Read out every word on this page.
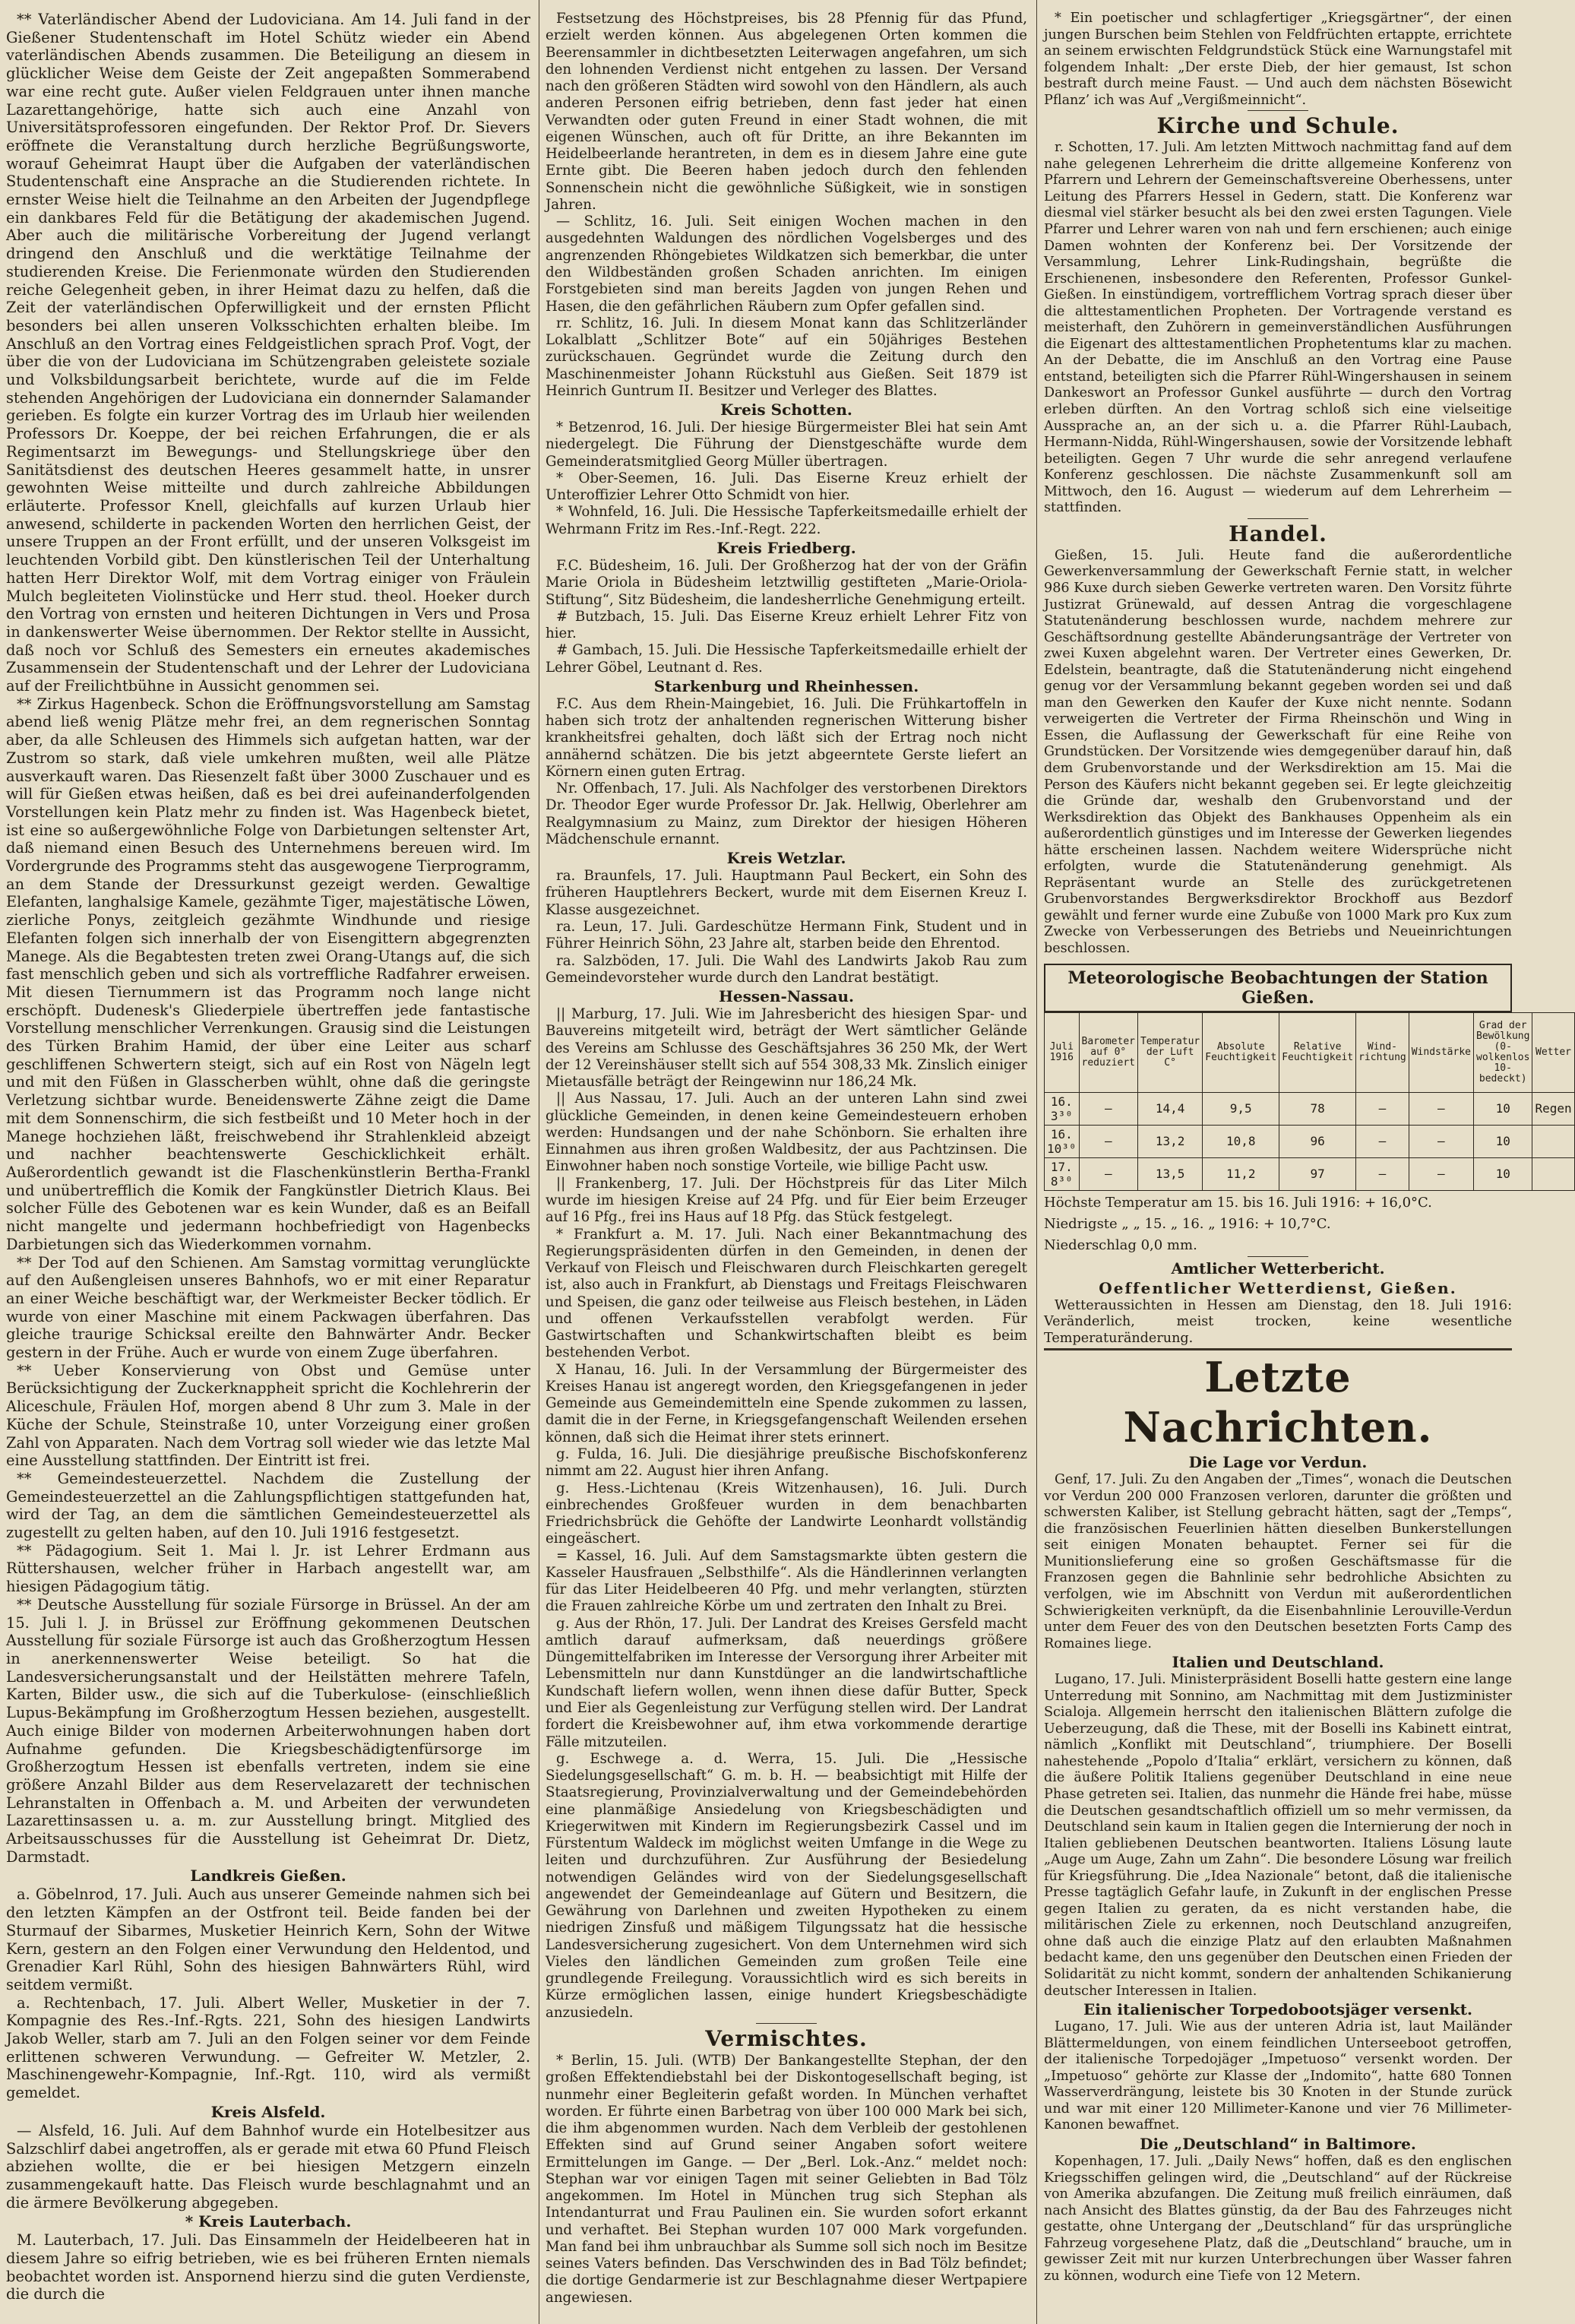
** Vaterländischer Abend der Ludoviciana. Am 14. Juli fand in der Gießener Studentenschaft im Hotel Schütz wieder ein Abend vaterländischen Abends zusammen. Die Beteiligung an diesem in glücklicher Weise dem Geiste der Zeit angepaßten Sommerabend war eine recht gute. Außer vielen Feldgrauen unter ihnen manche Lazarettangehörige, hatte sich auch eine Anzahl von Universitätsprofessoren eingefunden. Der Rektor Prof. Dr. Sievers eröffnete die Veranstaltung durch herzliche Begrüßungsworte, worauf Geheimrat Haupt über die Aufgaben der vaterländischen Studentenschaft eine Ansprache an die Studierenden richtete. In ernster Weise hielt die Teilnahme an den Arbeiten der Jugendpflege ein dankbares Feld für die Betätigung der akademischen Jugend. Aber auch die militärische Vorbereitung der Jugend verlangt dringend den Anschluß und die werktätige Teilnahme der studierenden Kreise. Die Ferienmonate würden den Studierenden reiche Gelegenheit geben, in ihrer Heimat dazu zu helfen, daß die Zeit der vaterländischen Opferwilligkeit und der ernsten Pflicht besonders bei allen unseren Volksschichten erhalten bleibe. Im Anschluß an den Vortrag eines Feldgeistlichen sprach Prof. Vogt, der über die von der Ludoviciana im Schützengraben geleistete soziale und Volksbildungsarbeit berichtete, wurde auf die im Felde stehenden Angehörigen der Ludoviciana ein donnernder Salamander gerieben. Es folgte ein kurzer Vortrag des im Urlaub hier weilenden Professors Dr. Koeppe, der bei reichen Erfahrungen, die er als Regimentsarzt im Bewegungs- und Stellungskriege über den Sanitätsdienst des deutschen Heeres gesammelt hatte, in unsrer gewohnten Weise mitteilte und durch zahlreiche Abbildungen erläuterte. Professor Knell, gleichfalls auf kurzen Urlaub hier anwesend, schilderte in packenden Worten den herrlichen Geist, der unsere Truppen an der Front erfüllt, und der unseren Volksgeist im leuchtenden Vorbild gibt. Den künstlerischen Teil der Unterhaltung hatten Herr Direktor Wolf, mit dem Vortrag einiger von Fräulein Mulch begleiteten Violinstücke und Herr stud. theol. Hoeker durch den Vortrag von ernsten und heiteren Dichtungen in Vers und Prosa in dankenswerter Weise übernommen. Der Rektor stellte in Aussicht, daß noch vor Schluß des Semesters ein erneutes akademisches Zusammensein der Studentenschaft und der Lehrer der Ludoviciana auf der Freilichtbühne in Aussicht genommen sei.

** Zirkus Hagenbeck. Schon die Eröffnungsvorstellung am Samstag abend ließ wenig Plätze mehr frei, an dem regnerischen Sonntag aber, da alle Schleusen des Himmels sich aufgetan hatten, war der Zustrom so stark, daß viele umkehren mußten, weil alle Plätze ausverkauft waren. Das Riesenzelt faßt über 3000 Zuschauer und es will für Gießen etwas heißen, daß es bei drei aufeinanderfolgenden Vorstellungen kein Platz mehr zu finden ist. Was Hagenbeck bietet, ist eine so außergewöhnliche Folge von Darbietungen seltenster Art, daß niemand einen Besuch des Unternehmens bereuen wird. Im Vordergrunde des Programms steht das ausgewogene Tierprogramm, an dem Stande der Dressurkunst gezeigt werden. Gewaltige Elefanten, langhalsige Kamele, gezähmte Tiger, majestätische Löwen, zierliche Ponys, zeitgleich gezähmte Windhunde und riesige Elefanten folgen sich innerhalb der von Eisengittern abgegrenzten Manege. Als die Begabtesten treten zwei Orang-Utangs auf, die sich fast menschlich geben und sich als vortreffliche Radfahrer erweisen. Mit diesen Tiernummern ist das Programm noch lange nicht erschöpft. Dudenesk's Gliederpiele übertreffen jede fantastische Vorstellung menschlicher Verrenkungen. Grausig sind die Leistungen des Türken Brahim Hamid, der über eine Leiter aus scharf geschliffenen Schwertern steigt, sich auf ein Rost von Nägeln legt und mit den Füßen in Glasscherben wühlt, ohne daß die geringste Verletzung sichtbar wurde. Beneidenswerte Zähne zeigt die Dame mit dem Sonnenschirm, die sich festbeißt und 10 Meter hoch in der Manege hochziehen läßt, freischwebend ihr Strahlenkleid abzeigt und nachher beachtenswerte Geschicklichkeit erhält. Außerordentlich gewandt ist die Flaschenkünstlerin Bertha-Frankl und unübertrefflich die Komik der Fangkünstler Dietrich Klaus. Bei solcher Fülle des Gebotenen war es kein Wunder, daß es an Beifall nicht mangelte und jedermann hochbefriedigt von Hagenbecks Darbietungen sich das Wiederkommen vornahm.

** Der Tod auf den Schienen. Am Samstag vormittag verunglückte auf den Außengleisen unseres Bahnhofs, wo er mit einer Reparatur an einer Weiche beschäftigt war, der Werkmeister Becker tödlich. Er wurde von einer Maschine mit einem Packwagen überfahren. Das gleiche traurige Schicksal ereilte den Bahnwärter Andr. Becker gestern in der Frühe. Auch er wurde von einem Zuge überfahren.

** Ueber Konservierung von Obst und Gemüse unter Berücksichtigung der Zuckerknappheit spricht die Kochlehrerin der Aliceschule, Fräulen Hof, morgen abend 8 Uhr zum 3. Male in der Küche der Schule, Steinstraße 10, unter Vorzeigung einer großen Zahl von Apparaten. Nach dem Vortrag soll wieder wie das letzte Mal eine Ausstellung stattfinden. Der Eintritt ist frei.

** Gemeindesteuerzettel. Nachdem die Zustellung der Gemeindesteuerzettel an die Zahlungspflichtigen stattgefunden hat, wird der Tag, an dem die sämtlichen Gemeindesteuerzettel als zugestellt zu gelten haben, auf den 10. Juli 1916 festgesetzt.

** Pädagogium. Seit 1. Mai l. Jr. ist Lehrer Erdmann aus Rüttershausen, welcher früher in Harbach angestellt war, am hiesigen Pädagogium tätig.

** Deutsche Ausstellung für soziale Fürsorge in Brüssel. An der am 15. Juli l. J. in Brüssel zur Eröffnung gekommenen Deutschen Ausstellung für soziale Fürsorge ist auch das Großherzogtum Hessen in anerkennenswerter Weise beteiligt. So hat die Landesversicherungsanstalt und der Heilstätten mehrere Tafeln, Karten, Bilder usw., die sich auf die Tuberkulose- (einschließlich Lupus-Bekämpfung im Großherzogtum Hessen beziehen, ausgestellt. Auch einige Bilder von modernen Arbeiterwohnungen haben dort Aufnahme gefunden. Die Kriegsbeschädigtenfürsorge im Großherzogtum Hessen ist ebenfalls vertreten, indem sie eine größere Anzahl Bilder aus dem Reservelazarett der technischen Lehranstalten in Offenbach a. M. und Arbeiten der verwundeten Lazarettinsassen u. a. m. zur Ausstellung bringt. Mitglied des Arbeitsausschusses für die Ausstellung ist Geheimrat Dr. Dietz, Darmstadt.

Landkreis Gießen.

a. Göbelnrod, 17. Juli. Auch aus unserer Gemeinde nahmen sich bei den letzten Kämpfen an der Ostfront teil. Beide fanden bei der Sturmauf der Sibarmes, Musketier Heinrich Kern, Sohn der Witwe Kern, gestern an den Folgen einer Verwundung den Heldentod, und Grenadier Karl Rühl, Sohn des hiesigen Bahnwärters Rühl, wird seitdem vermißt.

a. Rechtenbach, 17. Juli. Albert Weller, Musketier in der 7. Kompagnie des Res.-Inf.-Rgts. 221, Sohn des hiesigen Landwirts Jakob Weller, starb am 7. Juli an den Folgen seiner vor dem Feinde erlittenen schweren Verwundung. — Gefreiter W. Metzler, 2. Maschinengewehr-Kompagnie, Inf.-Rgt. 110, wird als vermißt gemeldet.

Kreis Alsfeld.

— Alsfeld, 16. Juli. Auf dem Bahnhof wurde ein Hotelbesitzer aus Salzschlirf dabei angetroffen, als er gerade mit etwa 60 Pfund Fleisch abziehen wollte, die er bei hiesigen Metzgern einzeln zusammengekauft hatte. Das Fleisch wurde beschlagnahmt und an die ärmere Bevölkerung abgegeben.

* Kreis Lauterbach.

M. Lauterbach, 17. Juli. Das Einsammeln der Heidelbeeren hat in diesem Jahre so eifrig betrieben, wie es bei früheren Ernten niemals beobachtet worden ist. Anspornend hierzu sind die guten Verdienste, die durch die

Festsetzung des Höchstpreises, bis 28 Pfennig für das Pfund, erzielt werden können. Aus abgelegenen Orten kommen die Beerensammler in dichtbesetzten Leiterwagen angefahren, um sich den lohnenden Verdienst nicht entgehen zu lassen. Der Versand nach den größeren Städten wird sowohl von den Händlern, als auch anderen Personen eifrig betrieben, denn fast jeder hat einen Verwandten oder guten Freund in einer Stadt wohnen, die mit eigenen Wünschen, auch oft für Dritte, an ihre Bekannten im Heidelbeerlande herantreten, in dem es in diesem Jahre eine gute Ernte gibt. Die Beeren haben jedoch durch den fehlenden Sonnenschein nicht die gewöhnliche Süßigkeit, wie in sonstigen Jahren.

— Schlitz, 16. Juli. Seit einigen Wochen machen in den ausgedehnten Waldungen des nördlichen Vogelsberges und des angrenzenden Rhöngebietes Wildkatzen sich bemerkbar, die unter den Wildbeständen großen Schaden anrichten. Im einigen Forstgebieten sind man bereits Jagden von jungen Rehen und Hasen, die den gefährlichen Räubern zum Opfer gefallen sind.

rr. Schlitz, 16. Juli. In diesem Monat kann das Schlitzerländer Lokalblatt „Schlitzer Bote“ auf ein 50jähriges Bestehen zurückschauen. Gegründet wurde die Zeitung durch den Maschinenmeister Johann Rückstuhl aus Gießen. Seit 1879 ist Heinrich Guntrum II. Besitzer und Verleger des Blattes.

Kreis Schotten.

* Betzenrod, 16. Juli. Der hiesige Bürgermeister Blei hat sein Amt niedergelegt. Die Führung der Dienstgeschäfte wurde dem Gemeinderatsmitglied Georg Müller übertragen.

* Ober-Seemen, 16. Juli. Das Eiserne Kreuz erhielt der Unteroffizier Lehrer Otto Schmidt von hier.

* Wohnfeld, 16. Juli. Die Hessische Tapferkeitsmedaille erhielt der Wehrmann Fritz im Res.-Inf.-Regt. 222.

Kreis Friedberg.

F.C. Büdesheim, 16. Juli. Der Großherzog hat der von der Gräfin Marie Oriola in Büdesheim letztwillig gestifteten „Marie-Oriola-Stiftung“, Sitz Büdesheim, die landesherrliche Genehmigung erteilt.

# Butzbach, 15. Juli. Das Eiserne Kreuz erhielt Lehrer Fitz von hier.

# Gambach, 15. Juli. Die Hessische Tapferkeitsmedaille erhielt der Lehrer Göbel, Leutnant d. Res.

Starkenburg und Rheinhessen.

F.C. Aus dem Rhein-Maingebiet, 16. Juli. Die Frühkartoffeln in haben sich trotz der anhaltenden regnerischen Witterung bisher krankheitsfrei gehalten, doch läßt sich der Ertrag noch nicht annähernd schätzen. Die bis jetzt abgeerntete Gerste liefert an Körnern einen guten Ertrag.

Nr. Offenbach, 17. Juli. Als Nachfolger des verstorbenen Direktors Dr. Theodor Eger wurde Professor Dr. Jak. Hellwig, Oberlehrer am Realgymnasium zu Mainz, zum Direktor der hiesigen Höheren Mädchenschule ernannt.

Kreis Wetzlar.

ra. Braunfels, 17. Juli. Hauptmann Paul Beckert, ein Sohn des früheren Hauptlehrers Beckert, wurde mit dem Eisernen Kreuz I. Klasse ausgezeichnet.

ra. Leun, 17. Juli. Gardeschütze Hermann Fink, Student und in Führer Heinrich Söhn, 23 Jahre alt, starben beide den Ehrentod.

ra. Salzböden, 17. Juli. Die Wahl des Landwirts Jakob Rau zum Gemeindevorsteher wurde durch den Landrat bestätigt.

Hessen-Nassau.

|| Marburg, 17. Juli. Wie im Jahresbericht des hiesigen Spar- und Bauvereins mitgeteilt wird, beträgt der Wert sämtlicher Gelände des Vereins am Schlusse des Geschäftsjahres 36 250 Mk, der Wert der 12 Vereinshäuser stellt sich auf 554 308,33 Mk. Zinslich einiger Mietausfälle beträgt der Reingewinn nur 186,24 Mk.

|| Aus Nassau, 17. Juli. Auch an der unteren Lahn sind zwei glückliche Gemeinden, in denen keine Gemeindesteuern erhoben werden: Hundsangen und der nahe Schönborn. Sie erhalten ihre Einnahmen aus ihren großen Waldbesitz, der aus Pachtzinsen. Die Einwohner haben noch sonstige Vorteile, wie billige Pacht usw.

|| Frankenberg, 17. Juli. Der Höchstpreis für das Liter Milch wurde im hiesigen Kreise auf 24 Pfg. und für Eier beim Erzeuger auf 16 Pfg., frei ins Haus auf 18 Pfg. das Stück festgelegt.

* Frankfurt a. M. 17. Juli. Nach einer Bekanntmachung des Regierungspräsidenten dürfen in den Gemeinden, in denen der Verkauf von Fleisch und Fleischwaren durch Fleischkarten geregelt ist, also auch in Frankfurt, ab Dienstags und Freitags Fleischwaren und Speisen, die ganz oder teilweise aus Fleisch bestehen, in Läden und offenen Verkaufsstellen verabfolgt werden. Für Gastwirtschaften und Schankwirtschaften bleibt es beim bestehenden Verbot.

X Hanau, 16. Juli. In der Versammlung der Bürgermeister des Kreises Hanau ist angeregt worden, den Kriegsgefangenen in jeder Gemeinde aus Gemeindemitteln eine Spende zukommen zu lassen, damit die in der Ferne, in Kriegsgefangenschaft Weilenden ersehen können, daß sich die Heimat ihrer stets erinnert.

g. Fulda, 16. Juli. Die diesjährige preußische Bischofskonferenz nimmt am 22. August hier ihren Anfang.

g. Hess.-Lichtenau (Kreis Witzenhausen), 16. Juli. Durch einbrechendes Großfeuer wurden in dem benachbarten Friedrichsbrück die Gehöfte der Landwirte Leonhardt vollständig eingeäschert.

= Kassel, 16. Juli. Auf dem Samstagsmarkte übten gestern die Kasseler Hausfrauen „Selbsthilfe“. Als die Händlerinnen verlangten für das Liter Heidelbeeren 40 Pfg. und mehr verlangten, stürzten die Frauen zahlreiche Körbe um und zertraten den Inhalt zu Brei.

g. Aus der Rhön, 17. Juli. Der Landrat des Kreises Gersfeld macht amtlich darauf aufmerksam, daß neuerdings größere Düngemittelfabriken im Interesse der Versorgung ihrer Arbeiter mit Lebensmitteln nur dann Kunstdünger an die landwirtschaftliche Kundschaft liefern wollen, wenn ihnen diese dafür Butter, Speck und Eier als Gegenleistung zur Verfügung stellen wird. Der Landrat fordert die Kreisbewohner auf, ihm etwa vorkommende derartige Fälle mitzuteilen.

g. Eschwege a. d. Werra, 15. Juli. Die „Hessische Siedelungsgesellschaft“ G. m. b. H. — beabsichtigt mit Hilfe der Staatsregierung, Provinzialverwaltung und der Gemeindebehörden eine planmäßige Ansiedelung von Kriegsbeschädigten und Kriegerwitwen mit Kindern im Regierungsbezirk Cassel und im Fürstentum Waldeck im möglichst weiten Umfange in die Wege zu leiten und durchzuführen. Zur Ausführung der Besiedelung notwendigen Geländes wird von der Siedelungsgesellschaft angewendet der Gemeindeanlage auf Gütern und Besitzern, die Gewährung von Darlehnen und zweiten Hypotheken zu einem niedrigen Zinsfuß und mäßigem Tilgungssatz hat die hessische Landesversicherung zugesichert. Von dem Unternehmen wird sich Vieles den ländlichen Gemeinden zum großen Teile eine grundlegende Freilegung. Voraussichtlich wird es sich bereits in Kürze ermöglichen lassen, einige hundert Kriegsbeschädigte anzusiedeln.

Vermischtes.

* Berlin, 15. Juli. (WTB) Der Bankangestellte Stephan, der den großen Effektendiebstahl bei der Diskontogesellschaft beging, ist nunmehr einer Begleiterin gefaßt worden. In München verhaftet worden. Er führte einen Barbetrag von über 100 000 Mark bei sich, die ihm abgenommen wurden. Nach dem Verbleib der gestohlenen Effekten sind auf Grund seiner Angaben sofort weitere Ermittelungen im Gange. — Der „Berl. Lok.-Anz.“ meldet noch: Stephan war vor einigen Tagen mit seiner Geliebten in Bad Tölz angekommen. Im Hotel in München trug sich Stephan als Intendanturrat und Frau Paulinen ein. Sie wurden sofort erkannt und verhaftet. Bei Stephan wurden 107 000 Mark vorgefunden. Man fand bei ihm unbrauchbar als Summe soll sich noch im Besitze seines Vaters befinden. Das Verschwinden des in Bad Tölz befindet; die dortige Gendarmerie ist zur Beschlagnahme dieser Wertpapiere angewiesen.

* Ein poetischer und schlagfertiger „Kriegsgärtner“, der einen jungen Burschen beim Stehlen von Feldfrüchten ertappte, errichtete an seinem erwischten Feldgrundstück Stück eine Warnungstafel mit folgendem Inhalt: „Der erste Dieb, der hier gemaust, Ist schon bestraft durch meine Faust. — Und auch dem nächsten Bösewicht Pflanz’ ich was Auf „Vergißmeinnicht“.

Kirche und Schule.

r. Schotten, 17. Juli. Am letzten Mittwoch nachmittag fand auf dem nahe gelegenen Lehrerheim die dritte allgemeine Konferenz von Pfarrern und Lehrern der Gemeinschaftsvereine Oberhessens, unter Leitung des Pfarrers Hessel in Gedern, statt. Die Konferenz war diesmal viel stärker besucht als bei den zwei ersten Tagungen. Viele Pfarrer und Lehrer waren von nah und fern erschienen; auch einige Damen wohnten der Konferenz bei. Der Vorsitzende der Versammlung, Lehrer Link-Rudingshain, begrüßte die Erschienenen, insbesondere den Referenten, Professor Gunkel-Gießen. In einstündigem, vortrefflichem Vortrag sprach dieser über die alttestamentlichen Propheten. Der Vortragende verstand es meisterhaft, den Zuhörern in gemeinverständlichen Ausführungen die Eigenart des alttestamentlichen Prophetentums klar zu machen. An der Debatte, die im Anschluß an den Vortrag eine Pause entstand, beteiligten sich die Pfarrer Rühl-Wingershausen in seinem Dankeswort an Professor Gunkel ausführte — durch den Vortrag erleben dürften. An den Vortrag schloß sich eine vielseitige Aussprache an, an der sich u. a. die Pfarrer Rühl-Laubach, Hermann-Nidda, Rühl-Wingershausen, sowie der Vorsitzende lebhaft beteiligten. Gegen 7 Uhr wurde die sehr anregend verlaufene Konferenz geschlossen. Die nächste Zusammenkunft soll am Mittwoch, den 16. August — wiederum auf dem Lehrerheim — stattfinden.

Handel.

Gießen, 15. Juli. Heute fand die außerordentliche Gewerkenversammlung der Gewerkschaft Fernie statt, in welcher 986 Kuxe durch sieben Gewerke vertreten waren. Den Vorsitz führte Justizrat Grünewald, auf dessen Antrag die vorgeschlagene Statutenänderung beschlossen wurde, nachdem mehrere zur Geschäftsordnung gestellte Abänderungsanträge der Vertreter von zwei Kuxen abgelehnt waren. Der Vertreter eines Gewerken, Dr. Edelstein, beantragte, daß die Statutenänderung nicht eingehend genug vor der Versammlung bekannt gegeben worden sei und daß man den Gewerken den Kaufer der Kuxe nicht nennte. Sodann verweigerten die Vertreter der Firma Rheinschön und Wing in Essen, die Auflassung der Gewerkschaft für eine Reihe von Grundstücken. Der Vorsitzende wies demgegenüber darauf hin, daß dem Grubenvorstande und der Werksdirektion am 15. Mai die Person des Käufers nicht bekannt gegeben sei. Er legte gleichzeitig die Gründe dar, weshalb den Grubenvorstand und der Werksdirektion das Objekt des Bankhauses Oppenheim als ein außerordentlich günstiges und im Interesse der Gewerken liegendes hätte erscheinen lassen. Nachdem weitere Widersprüche nicht erfolgten, wurde die Statutenänderung genehmigt. Als Repräsentant wurde an Stelle des zurückgetretenen Grubenvorstandes Bergwerksdirektor Brockhoff aus Bezdorf gewählt und ferner wurde eine Zubuße von 1000 Mark pro Kux zum Zwecke von Verbesserungen des Betriebs und Neueinrichtungen beschlossen.

Meteorologische Beobachtungen der Station Gießen.

Juli 1916	Barometer auf 0° reduziert	Temperatur der Luft C°	Absolute Feuchtigkeit	Relative Feuchtigkeit	Wind-richtung	Windstärke	Grad der Bewölkung (0-wolkenlos 10-bedeckt)	Wetter
16. 3³⁰	—	14,4	9,5	78	—	—	10	Regen
16. 10³⁰	—	13,2	10,8	96	—	—	10	
17. 8³⁰	—	13,5	11,2	97	—	—	10	

Höchste Temperatur am 15. bis 16. Juli 1916: + 16,0°C.

Niedrigste „ „ 15. „ 16. „ 1916: + 10,7°C.

Niederschlag 0,0 mm.

Amtlicher Wetterbericht.

Oeffentlicher Wetterdienst, Gießen.

Wetteraussichten in Hessen am Dienstag, den 18. Juli 1916: Veränderlich, meist trocken, keine wesentliche Temperaturänderung.

Letzte Nachrichten.

Die Lage vor Verdun.

Genf, 17. Juli. Zu den Angaben der „Times“, wonach die Deutschen vor Verdun 200 000 Franzosen verloren, darunter die größten und schwersten Kaliber, ist Stellung gebracht hätten, sagt der „Temps“, die französischen Feuerlinien hätten dieselben Bunkerstellungen seit einigen Monaten behauptet. Ferner sei für die Munitionslieferung eine so großen Geschäftsmasse für die Franzosen gegen die Bahnlinie sehr bedrohliche Absichten zu verfolgen, wie im Abschnitt von Verdun mit außerordentlichen Schwierigkeiten verknüpft, da die Eisenbahnlinie Lerouville-Verdun unter dem Feuer des von den Deutschen besetzten Forts Camp des Romaines liege.

Italien und Deutschland.

Lugano, 17. Juli. Ministerpräsident Boselli hatte gestern eine lange Unterredung mit Sonnino, am Nachmittag mit dem Justizminister Scialoja. Allgemein herrscht den italienischen Blättern zufolge die Ueberzeugung, daß die These, mit der Boselli ins Kabinett eintrat, nämlich „Konflikt mit Deutschland“, triumphiere. Der Boselli nahestehende „Popolo d’Italia“ erklärt, versichern zu können, daß die äußere Politik Italiens gegenüber Deutschland in eine neue Phase getreten sei. Italien, das nunmehr die Hände frei habe, müsse die Deutschen gesandtschaftlich offiziell um so mehr vermissen, da Deutschland sein kaum in Italien gegen die Internierung der noch in Italien gebliebenen Deutschen beantworten. Italiens Lösung laute „Auge um Auge, Zahn um Zahn“. Die besondere Lösung war freilich für Kriegsführung. Die „Idea Nazionale“ betont, daß die italienische Presse tagtäglich Gefahr laufe, in Zukunft in der englischen Presse gegen Italien zu geraten, da es nicht verstanden habe, die militärischen Ziele zu erkennen, noch Deutschland anzugreifen, ohne daß auch die einzige Platz auf den erlaubten Maßnahmen bedacht kame, den uns gegenüber den Deutschen einen Frieden der Solidarität zu nicht kommt, sondern der anhaltenden Schikanierung deutscher Interessen in Italien.

Ein italienischer Torpedobootsjäger versenkt.

Lugano, 17. Juli. Wie aus der unteren Adria ist, laut Mailänder Blättermeldungen, von einem feindlichen Unterseeboot getroffen, der italienische Torpedojäger „Impetuoso“ versenkt worden. Der „Impetuoso“ gehörte zur Klasse der „Indomito“, hatte 680 Tonnen Wasserverdrängung, leistete bis 30 Knoten in der Stunde zurück und war mit einer 120 Millimeter-Kanone und vier 76 Millimeter-Kanonen bewaffnet.

Die „Deutschland“ in Baltimore.

Kopenhagen, 17. Juli. „Daily News“ hoffen, daß es den englischen Kriegsschiffen gelingen wird, die „Deutschland“ auf der Rückreise von Amerika abzufangen. Die Zeitung muß freilich einräumen, daß nach Ansicht des Blattes günstig, da der Bau des Fahrzeuges nicht gestatte, ohne Untergang der „Deutschland“ für das ursprüngliche Fahrzeug vorgesehene Platz, daß die „Deutschland“ brauche, um in gewisser Zeit mit nur kurzen Unterbrechungen über Wasser fahren zu können, wodurch eine Tiefe von 12 Metern.
